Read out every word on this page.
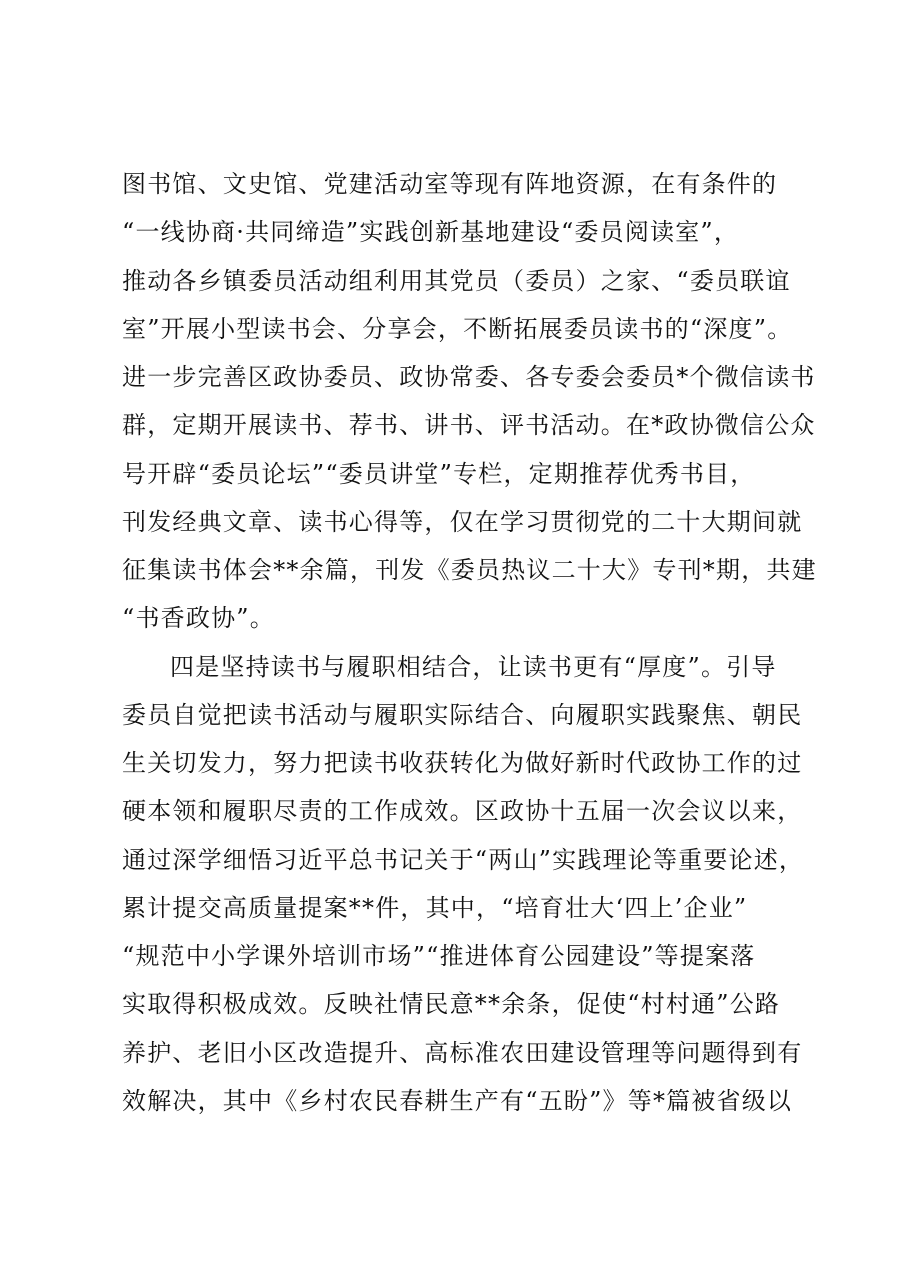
图书馆、文史馆、党建活动室等现有阵地资源，在有条件的
“一线协商·共同缔造”实践创新基地建设“委员阅读室”，
推动各乡镇委员活动组利用其党员（委员）之家、“委员联谊
室”开展小型读书会、分享会，不断拓展委员读书的“深度”。
进一步完善区政协委员、政协常委、各专委会委员*个微信读书
群，定期开展读书、荐书、讲书、评书活动。在*政协微信公众
号开辟“委员论坛”“委员讲堂”专栏，定期推荐优秀书目，
刊发经典文章、读书心得等，仅在学习贯彻党的二十大期间就
征集读书体会**余篇，刊发《委员热议二十大》专刊*期，共建
“书香政协”。
四是坚持读书与履职相结合，让读书更有“厚度”。引导
委员自觉把读书活动与履职实际结合、向履职实践聚焦、朝民
生关切发力，努力把读书收获转化为做好新时代政协工作的过
硬本领和履职尽责的工作成效。区政协十五届一次会议以来，
通过深学细悟习近平总书记关于“两山”实践理论等重要论述，
累计提交高质量提案**件，其中，“培育壮大‘四上’企业”
“规范中小学课外培训市场”“推进体育公园建设”等提案落
实取得积极成效。反映社情民意**余条，促使“村村通”公路
养护、老旧小区改造提升、高标准农田建设管理等问题得到有
效解决，其中《乡村农民春耕生产有“五盼”》等*篇被省级以
